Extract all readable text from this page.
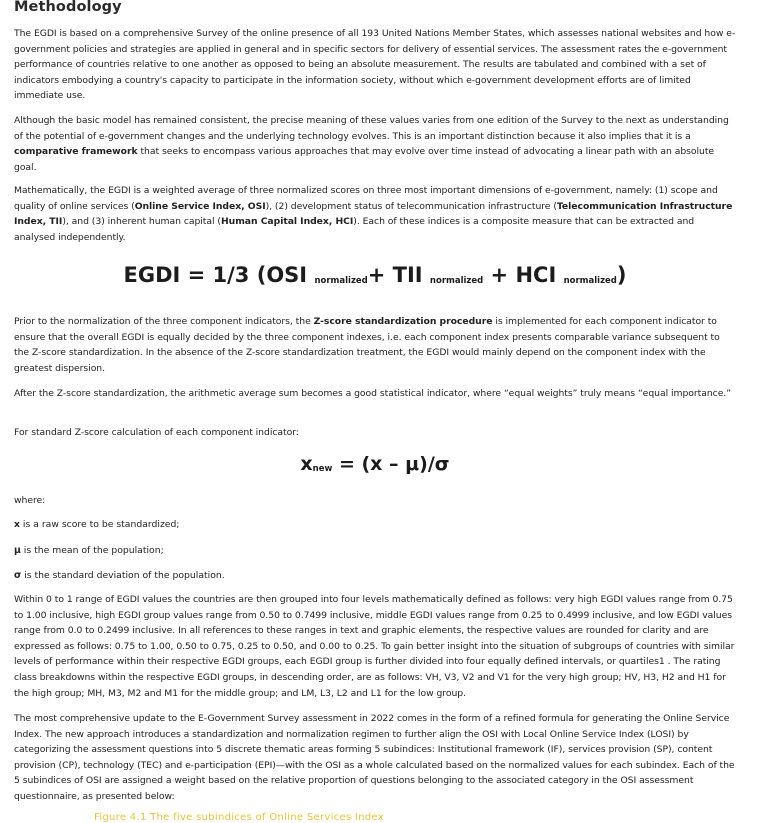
Methodology

The EGDI is based on a comprehensive Survey of the online presence of all 193 United Nations Member States, which assesses national websites and how e-government policies and strategies are applied in general and in specific sectors for delivery of essential services. The assessment rates the e-government performance of countries relative to one another as opposed to being an absolute measurement. The results are tabulated and combined with a set of indicators embodying a country's capacity to participate in the information society, without which e-government development efforts are of limited immediate use.

Although the basic model has remained consistent, the precise meaning of these values varies from one edition of the Survey to the next as understanding of the potential of e-government changes and the underlying technology evolves. This is an important distinction because it also implies that it is a comparative framework that seeks to encompass various approaches that may evolve over time instead of advocating a linear path with an absolute goal.

Mathematically, the EGDI is a weighted average of three normalized scores on three most important dimensions of e-government, namely: (1) scope and quality of online services (Online Service Index, OSI), (2) development status of telecommunication infrastructure (Telecommunication Infrastructure Index, TII), and (3) inherent human capital (Human Capital Index, HCI). Each of these indices is a composite measure that can be extracted and analysed independently.

EGDI = 1/3 (OSI $_{normalized}$+ TII $_{normalized}$ + HCI $_{normalized}$)

Prior to the normalization of the three component indicators, the Z-score standardization procedure is implemented for each component indicator to ensure that the overall EGDI is equally decided by the three component indexes, i.e. each component index presents comparable variance subsequent to the Z-score standardization. In the absence of the Z-score standardization treatment, the EGDI would mainly depend on the component index with the greatest dispersion.

After the Z-score standardization, the arithmetic average sum becomes a good statistical indicator, where “equal weights” truly means “equal importance.”

For standard Z-score calculation of each component indicator:

$x_{new} = (x - \mu)/\sigma$

where:

x is a raw score to be standardized;
μ is the mean of the population;
σ is the standard deviation of the population.

Within 0 to 1 range of EGDI values the countries are then grouped into four levels mathematically defined as follows: very high EGDI values range from 0.75 to 1.00 inclusive, high EGDI group values range from 0.50 to 0.7499 inclusive, middle EGDI values range from 0.25 to 0.4999 inclusive, and low EGDI values range from 0.0 to 0.2499 inclusive. In all references to these ranges in text and graphic elements, the respective values are rounded for clarity and are expressed as follows: 0.75 to 1.00, 0.50 to 0.75, 0.25 to 0.50, and 0.00 to 0.25. To gain better insight into the situation of subgroups of countries with similar levels of performance within their respective EGDI groups, each EGDI group is further divided into four equally defined intervals, or quartiles1 . The rating class breakdowns within the respective EGDI groups, in descending order, are as follows: VH, V3, V2 and V1 for the very high group; HV, H3, H2 and H1 for the high group; MH, M3, M2 and M1 for the middle group; and LM, L3, L2 and L1 for the low group.

The most comprehensive update to the E-Government Survey assessment in 2022 comes in the form of a refined formula for generating the Online Service Index. The new approach introduces a standardization and normalization regimen to further align the OSI with Local Online Service Index (LOSI) by categorizing the assessment questions into 5 discrete thematic areas forming 5 subindices: Institutional framework (IF), services provision (SP), content provision (CP), technology (TEC) and e-participation (EPI)—with the OSI as a whole calculated based on the normalized values for each subindex. Each of the 5 subindices of OSI are assigned a weight based on the relative proportion of questions belonging to the associated category in the OSI assessment questionnaire, as presented below:

Figure 4.1 The five subindices of Online Services Index
